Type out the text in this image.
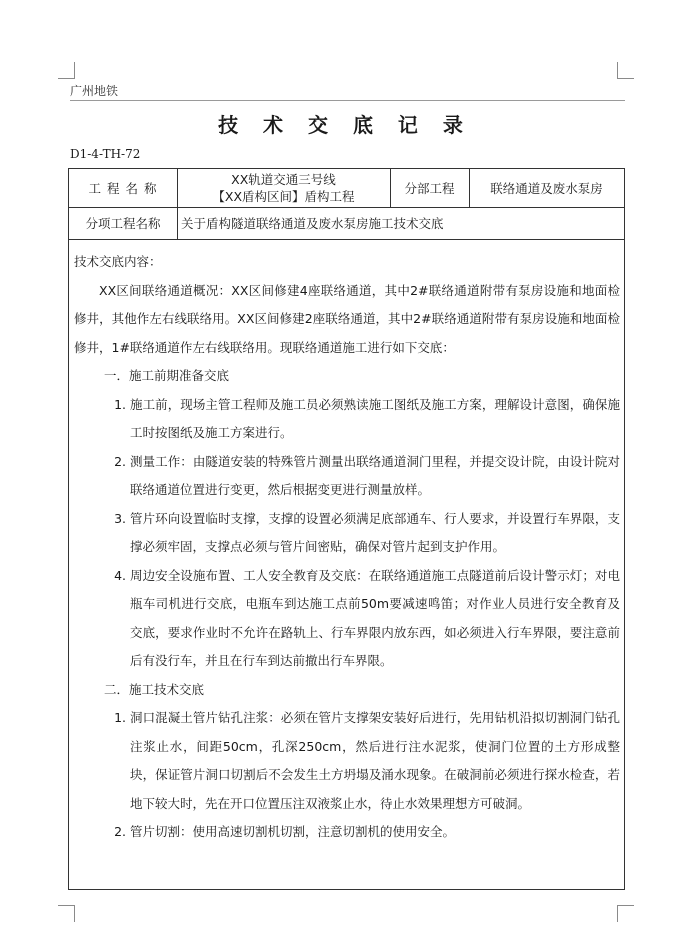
广州地铁
技 术 交 底 记 录
D1-4-TH-72
工 程 名 称
XX轨道交通三号线
【XX盾构区间】盾构工程
分部工程	联络通道及废水泵房
分项工程名称	关于盾构隧道联络通道及废水泵房施工技术交底

技术交底内容：

XX区间联络通道概况：XX区间修建4座联络通道，其中2#联络通道附带有泵房设施和地面检修井，其他作左右线联络用。XX区间修建2座联络通道，其中2#联络通道附带有泵房设施和地面检修井，1#联络通道作左右线联络用。现联络通道施工进行如下交底：

一．施工前期准备交底

1. 施工前，现场主管工程师及施工员必须熟读施工图纸及施工方案，理解设计意图，确保施工时按图纸及施工方案进行。
2. 测量工作：由隧道安装的特殊管片测量出联络通道洞门里程，并提交设计院，由设计院对联络通道位置进行变更，然后根据变更进行测量放样。
3. 管片环向设置临时支撑，支撑的设置必须满足底部通车、行人要求，并设置行车界限，支撑必须牢固，支撑点必须与管片间密贴，确保对管片起到支护作用。
4. 周边安全设施布置、工人安全教育及交底：在联络通道施工点隧道前后设计警示灯；对电瓶车司机进行交底，电瓶车到达施工点前50m要减速鸣笛；对作业人员进行安全教育及交底，要求作业时不允许在路轨上、行车界限内放东西，如必须进入行车界限，要注意前后有没行车，并且在行车到达前撤出行车界限。

二．施工技术交底

1. 洞口混凝土管片钻孔注浆：必须在管片支撑架安装好后进行，先用钻机沿拟切割洞门钻孔注浆止水，间距50cm，孔深250cm，然后进行注水泥浆，使洞门位置的土方形成整块，保证管片洞口切割后不会发生土方坍塌及涌水现象。在破洞前必须进行探水检查，若地下较大时，先在开口位置压注双液浆止水，待止水效果理想方可破洞。
2. 管片切割：使用高速切割机切割，注意切割机的使用安全。
